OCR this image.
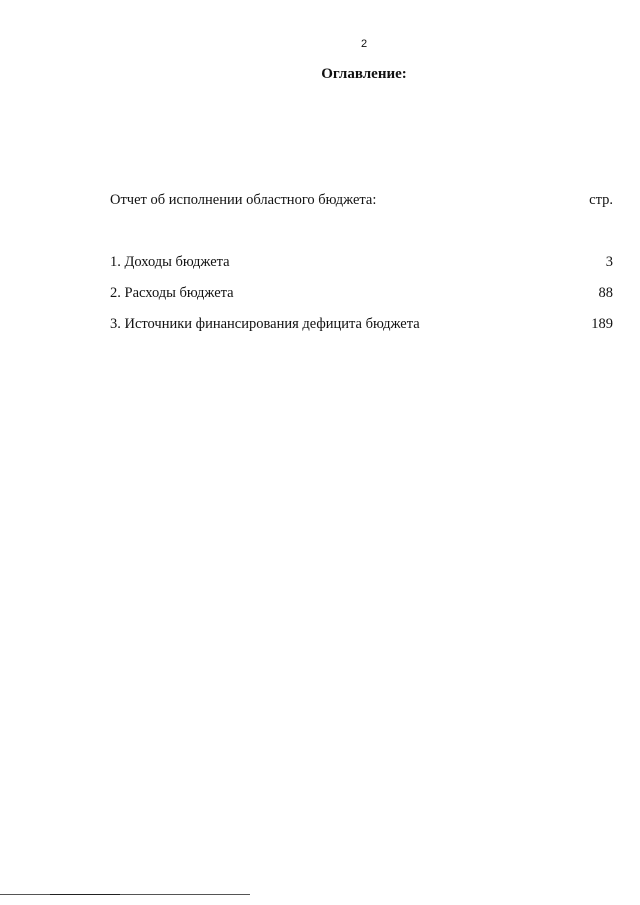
2
Оглавление:
Отчет об исполнении областного бюджета:	стр.
1. Доходы бюджета	3
2. Расходы бюджета	88
3. Источники финансирования дефицита бюджета	189
